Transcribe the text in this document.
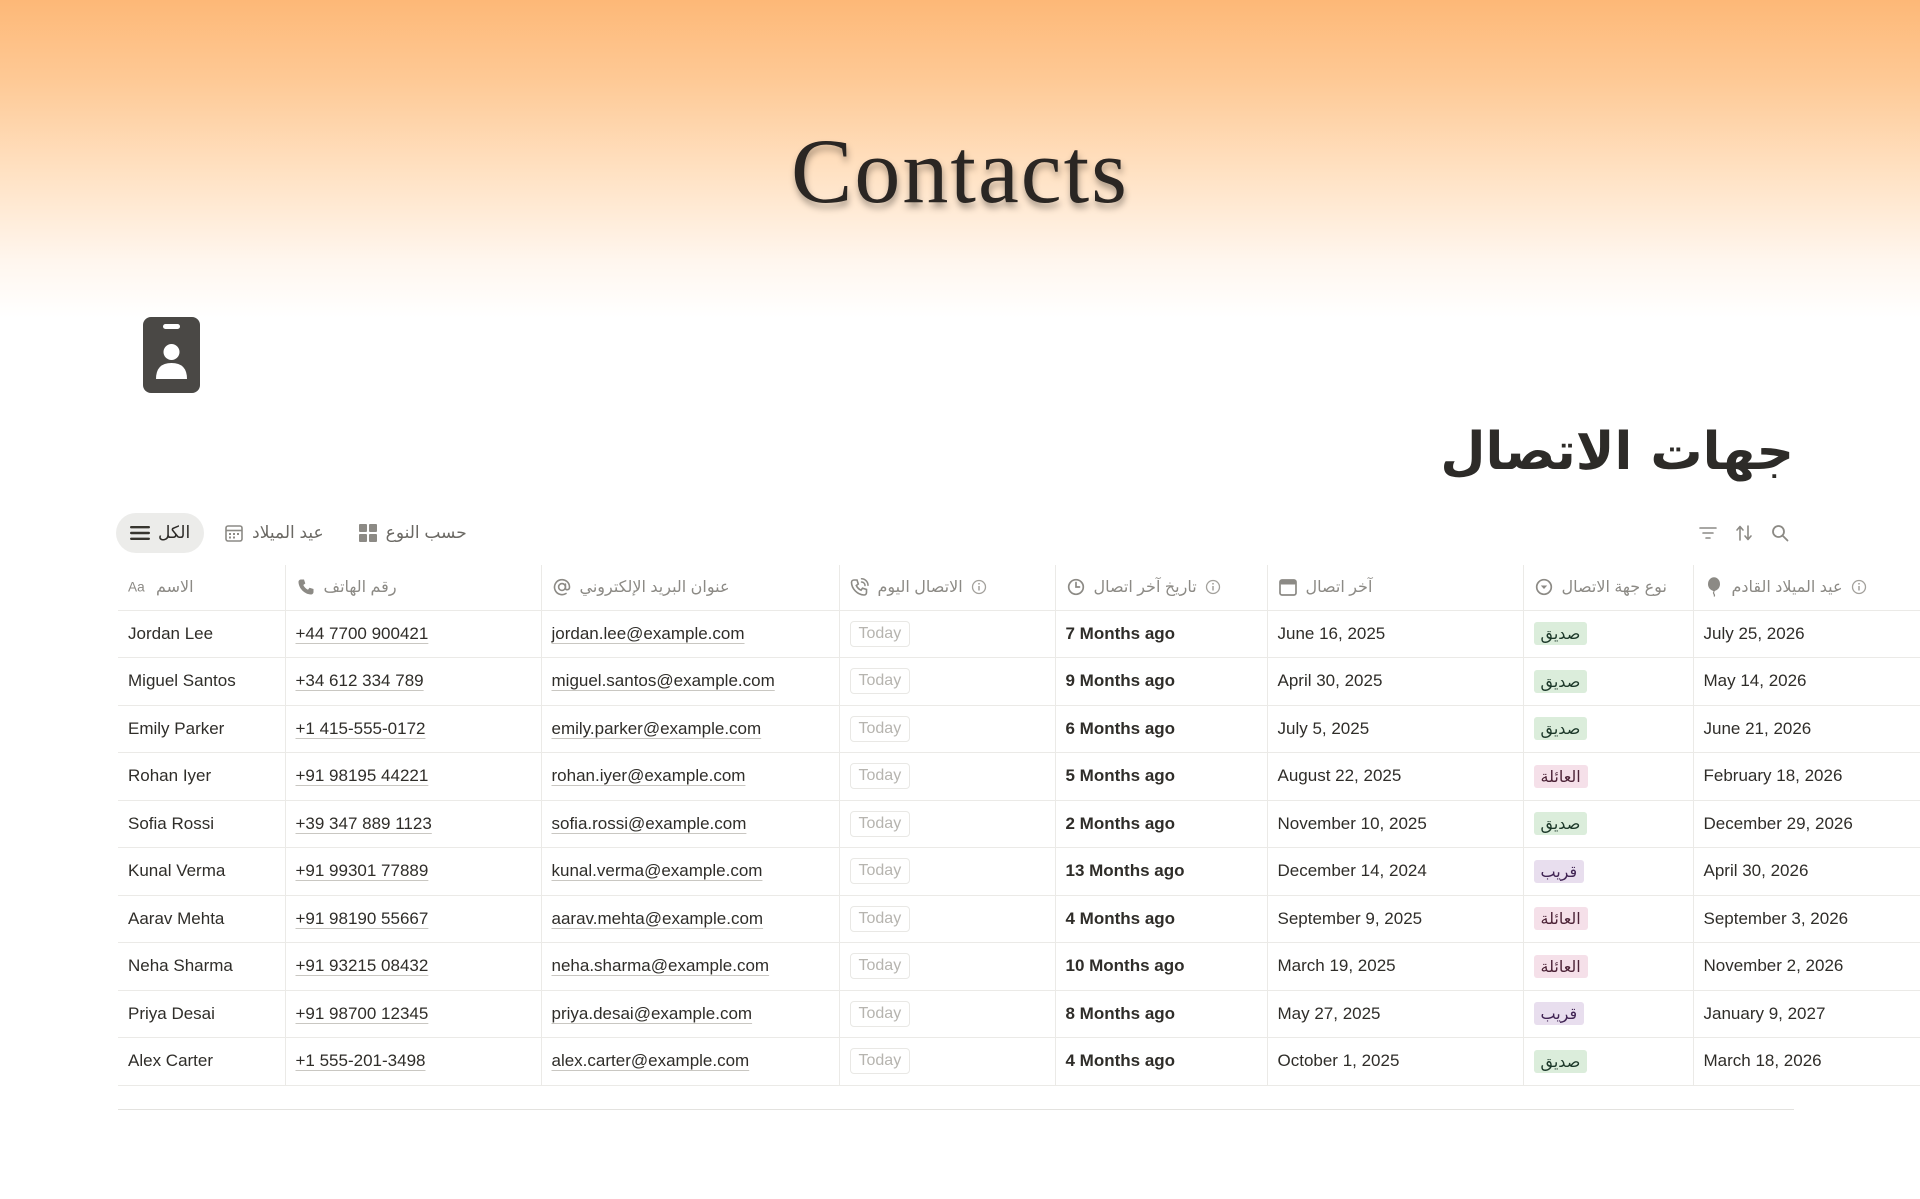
Contacts
جهات الاتصال
الكل	عيد الميلاد	حسب النوع
Aa الاسم	رقم الهاتف	عنوان البريد الإلكتروني	الاتصال اليوم	تاريخ آخر اتصال	آخر اتصال	نوع جهة الاتصال	عيد الميلاد القادم

Jordan Lee	+44 7700 900421	jordan.lee@example.com	Today	7 Months ago	June 16, 2025	صديق	July 25, 2026
Miguel Santos	+34 612 334 789	miguel.santos@example.com	Today	9 Months ago	April 30, 2025	صديق	May 14, 2026
Emily Parker	+1 415-555-0172	emily.parker@example.com	Today	6 Months ago	July 5, 2025	صديق	June 21, 2026
Rohan Iyer	+91 98195 44221	rohan.iyer@example.com	Today	5 Months ago	August 22, 2025	العائلة	February 18, 2026
Sofia Rossi	+39 347 889 1123	sofia.rossi@example.com	Today	2 Months ago	November 10, 2025	صديق	December 29, 2026
Kunal Verma	+91 99301 77889	kunal.verma@example.com	Today	13 Months ago	December 14, 2024	قريب	April 30, 2026
Aarav Mehta	+91 98190 55667	aarav.mehta@example.com	Today	4 Months ago	September 9, 2025	العائلة	September 3, 2026
Neha Sharma	+91 93215 08432	neha.sharma@example.com	Today	10 Months ago	March 19, 2025	العائلة	November 2, 2026
Priya Desai	+91 98700 12345	priya.desai@example.com	Today	8 Months ago	May 27, 2025	قريب	January 9, 2027
Alex Carter	+1 555-201-3498	alex.carter@example.com	Today	4 Months ago	October 1, 2025	صديق	March 18, 2026
